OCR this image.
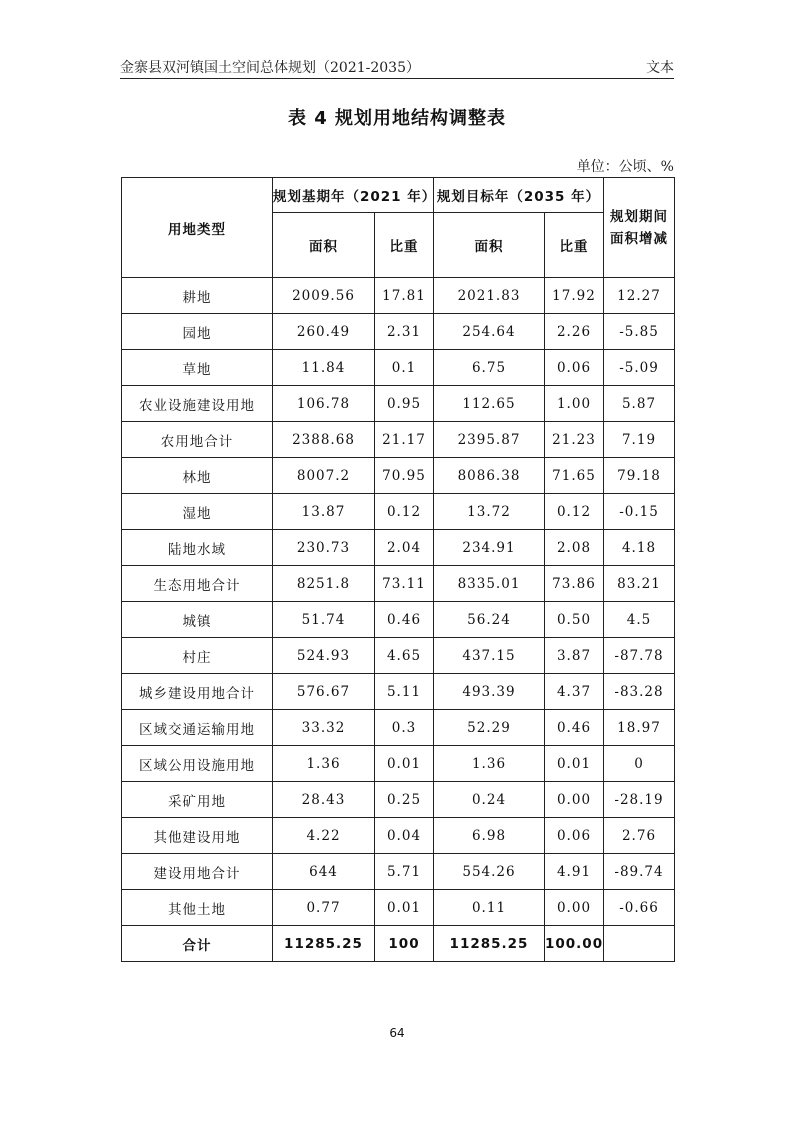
金寨县双河镇国土空间总体规划（2021-2035）	文本
表 4 规划用地结构调整表
单位：公顷、%
用地类型	规划基期年（2021 年）		规划目标年（2035 年）		规划期间面积增减
	面积	比重	面积	比重	
耕地	2009.56	17.81	2021.83	17.92	12.27
园地	260.49	2.31	254.64	2.26	-5.85
草地	11.84	0.1	6.75	0.06	-5.09
农业设施建设用地	106.78	0.95	112.65	1.00	5.87
农用地合计	2388.68	21.17	2395.87	21.23	7.19
林地	8007.2	70.95	8086.38	71.65	79.18
湿地	13.87	0.12	13.72	0.12	-0.15
陆地水域	230.73	2.04	234.91	2.08	4.18
生态用地合计	8251.8	73.11	8335.01	73.86	83.21
城镇	51.74	0.46	56.24	0.50	4.5
村庄	524.93	4.65	437.15	3.87	-87.78
城乡建设用地合计	576.67	5.11	493.39	4.37	-83.28
区域交通运输用地	33.32	0.3	52.29	0.46	18.97
区域公用设施用地	1.36	0.01	1.36	0.01	0
采矿用地	28.43	0.25	0.24	0.00	-28.19
其他建设用地	4.22	0.04	6.98	0.06	2.76
建设用地合计	644	5.71	554.26	4.91	-89.74
其他土地	0.77	0.01	0.11	0.00	-0.66
合计	11285.25	100	11285.25	100.00	
64
